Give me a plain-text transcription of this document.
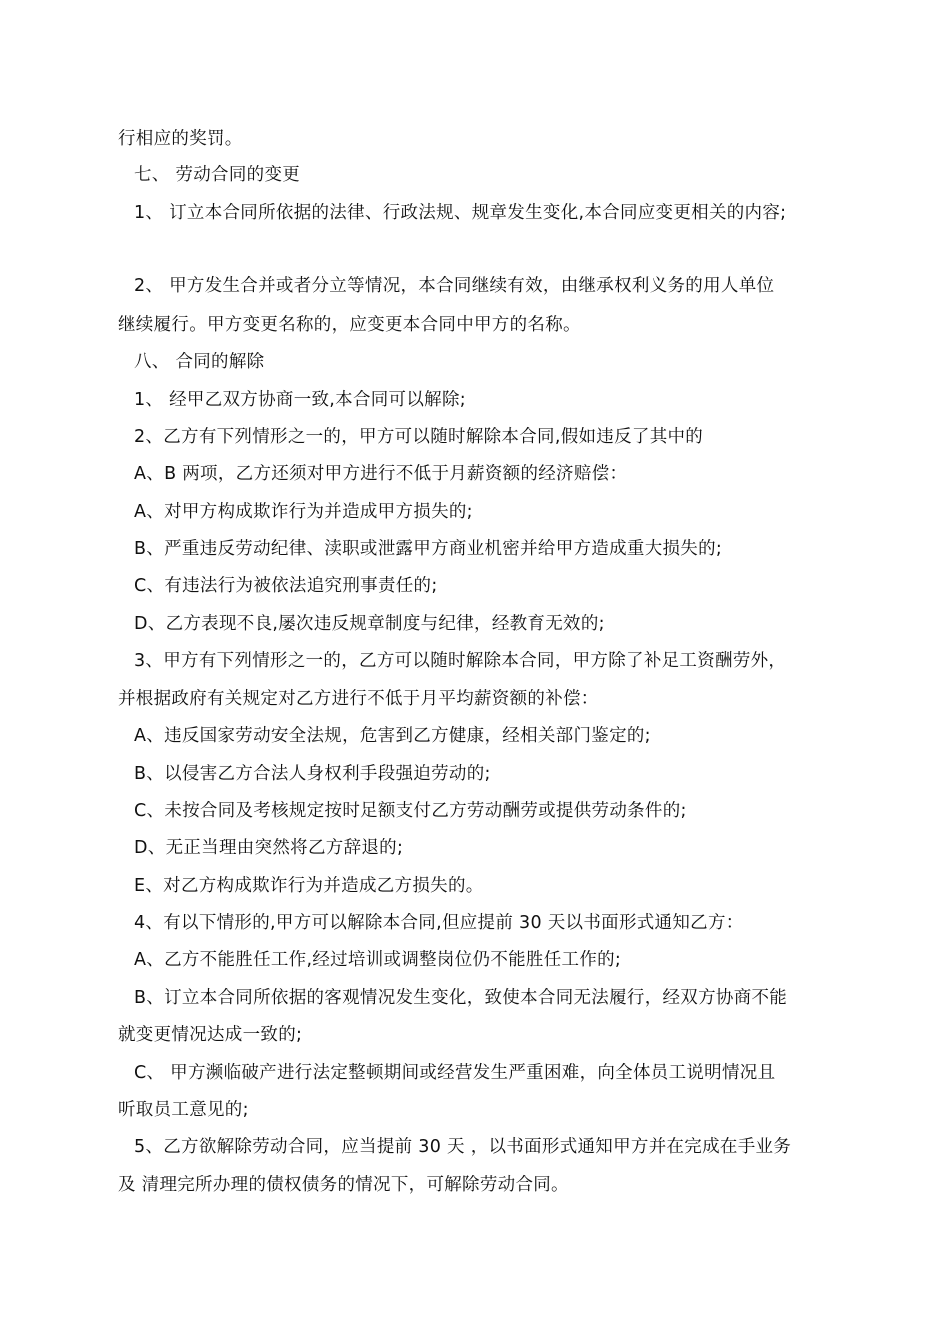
行相应的奖罚。
七、 劳动合同的变更
1、 订立本合同所依据的法律、行政法规、规章发生变化,本合同应变更相关的内容;
2、 甲方发生合并或者分立等情况，本合同继续有效，由继承权利义务的用人单位
继续履行。甲方变更名称的，应变更本合同中甲方的名称。
八、 合同的解除
1、 经甲乙双方协商一致,本合同可以解除;
2、乙方有下列情形之一的，甲方可以随时解除本合同,假如违反了其中的
A、B 两项，乙方还须对甲方进行不低于月薪资额的经济赔偿：
A、对甲方构成欺诈行为并造成甲方损失的;
B、严重违反劳动纪律、渎职或泄露甲方商业机密并给甲方造成重大损失的;
C、有违法行为被依法追究刑事责任的;
D、乙方表现不良,屡次违反规章制度与纪律，经教育无效的;
3、甲方有下列情形之一的，乙方可以随时解除本合同，甲方除了补足工资酬劳外，
并根据政府有关规定对乙方进行不低于月平均薪资额的补偿：
A、违反国家劳动安全法规，危害到乙方健康，经相关部门鉴定的;
B、以侵害乙方合法人身权利手段强迫劳动的;
C、未按合同及考核规定按时足额支付乙方劳动酬劳或提供劳动条件的;
D、无正当理由突然将乙方辞退的;
E、对乙方构成欺诈行为并造成乙方损失的。
4、有以下情形的,甲方可以解除本合同,但应提前 30 天以书面形式通知乙方：
A、乙方不能胜任工作,经过培训或调整岗位仍不能胜任工作的;
B、订立本合同所依据的客观情况发生变化，致使本合同无法履行，经双方协商不能
就变更情况达成一致的;
C、 甲方濒临破产进行法定整顿期间或经营发生严重困难，向全体员工说明情况且
听取员工意见的;
5、乙方欲解除劳动合同，应当提前 30 天 ，以书面形式通知甲方并在完成在手业务
及 清理完所办理的债权债务的情况下，可解除劳动合同。
